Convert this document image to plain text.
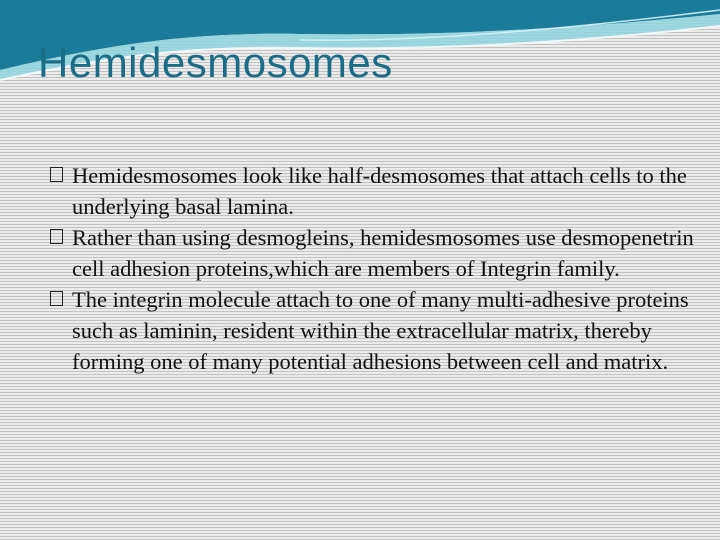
Hemidesmosomes
Hemidesmosomes look like half-desmosomes that attach cells to the underlying basal lamina.
Rather than using desmogleins, hemidesmosomes use desmopenetrin cell adhesion proteins,which are members of Integrin family.
The integrin molecule attach to one of many multi-adhesive proteins such as laminin, resident within the extracellular matrix, thereby forming one of many potential adhesions between cell and matrix.
